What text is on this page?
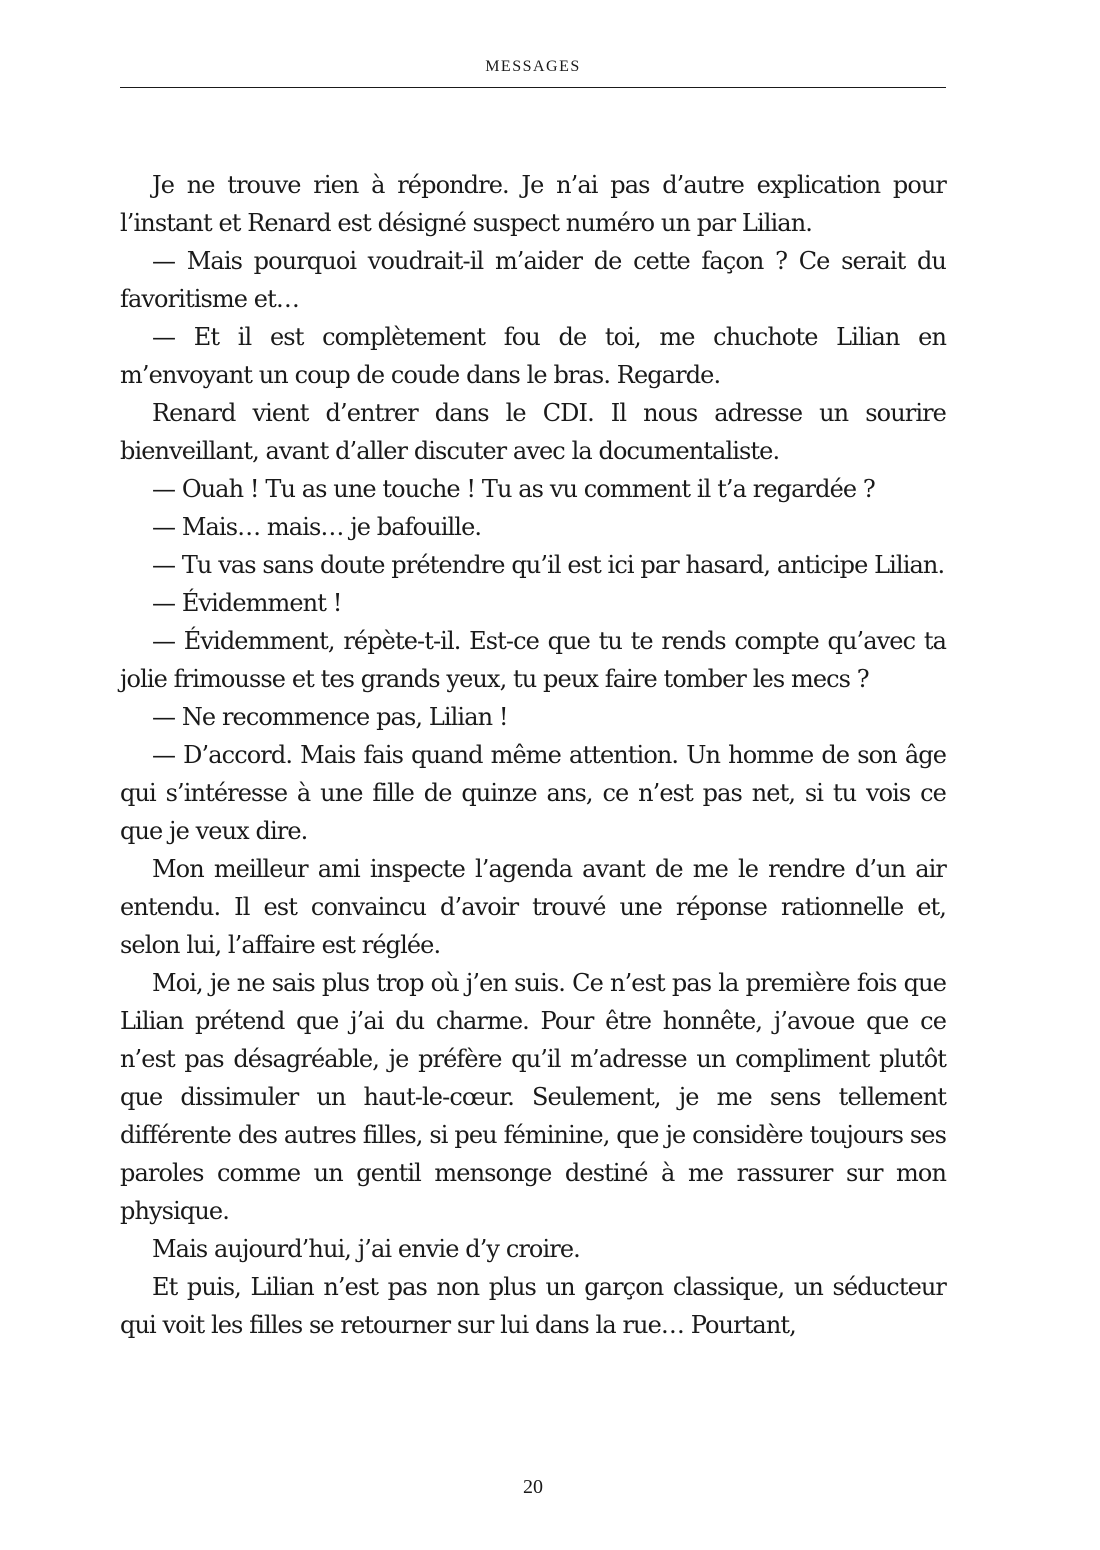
MESSAGES

Je ne trouve rien à répondre. Je n’ai pas d’autre explication pour l’instant et Renard est désigné suspect numéro un par Lilian.

— Mais pourquoi voudrait-il m’aider de cette façon ? Ce serait du favoritisme et…

— Et il est complètement fou de toi, me chuchote Lilian en m’envoyant un coup de coude dans le bras. Regarde.

Renard vient d’entrer dans le CDI. Il nous adresse un sourire bienveillant, avant d’aller discuter avec la documentaliste.

— Ouah ! Tu as une touche ! Tu as vu comment il t’a regardée ?

— Mais… mais… je bafouille.

— Tu vas sans doute prétendre qu’il est ici par hasard, anticipe Lilian.

— Évidemment !

— Évidemment, répète-t-il. Est-ce que tu te rends compte qu’avec ta jolie frimousse et tes grands yeux, tu peux faire tomber les mecs ?

— Ne recommence pas, Lilian !

— D’accord. Mais fais quand même attention. Un homme de son âge qui s’intéresse à une fille de quinze ans, ce n’est pas net, si tu vois ce que je veux dire.

Mon meilleur ami inspecte l’agenda avant de me le rendre d’un air entendu. Il est convaincu d’avoir trouvé une réponse rationnelle et, selon lui, l’affaire est réglée.

Moi, je ne sais plus trop où j’en suis. Ce n’est pas la première fois que Lilian prétend que j’ai du charme. Pour être honnête, j’avoue que ce n’est pas désagréable, je préfère qu’il m’adresse un compliment plutôt que dissimuler un haut-le-cœur. Seulement, je me sens tellement différente des autres filles, si peu féminine, que je considère toujours ses paroles comme un gentil mensonge destiné à me rassurer sur mon physique.

Mais aujourd’hui, j’ai envie d’y croire.

Et puis, Lilian n’est pas non plus un garçon classique, un séducteur qui voit les filles se retourner sur lui dans la rue… Pourtant,

20
